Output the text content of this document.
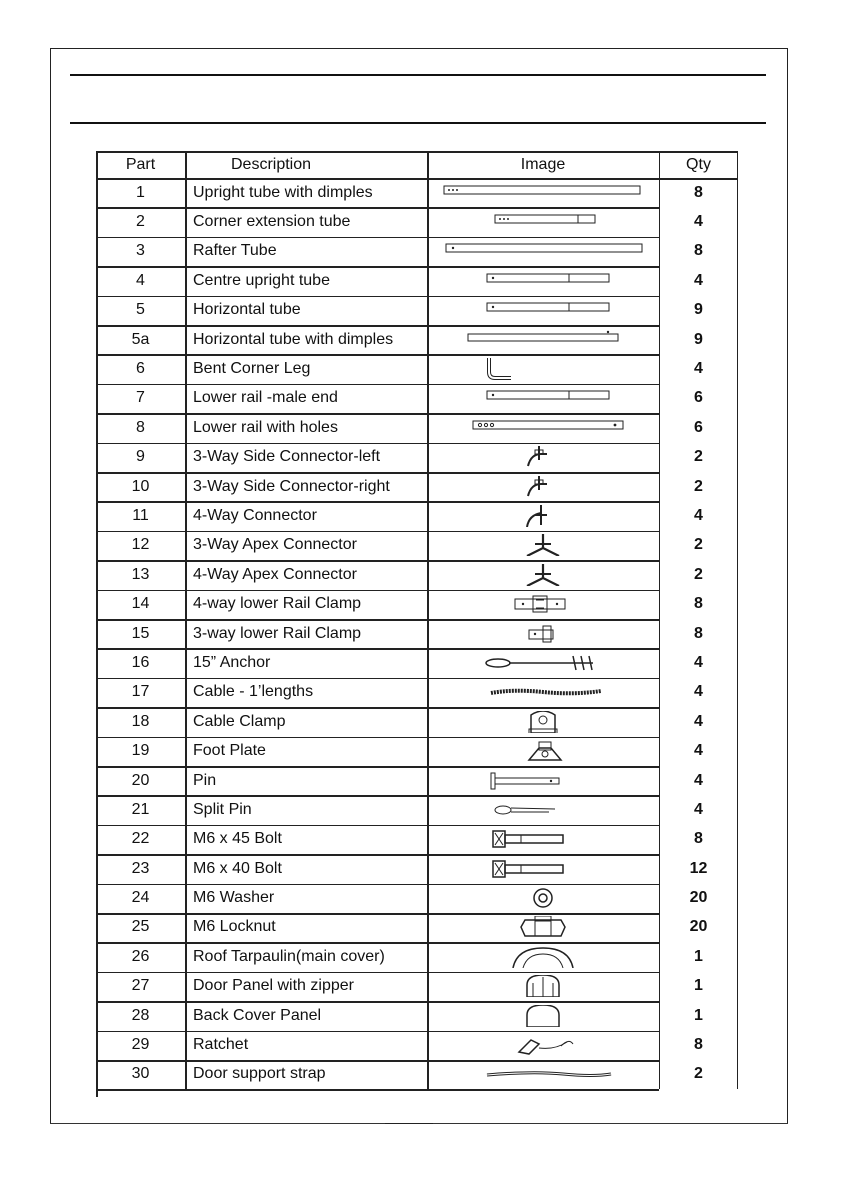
Part	Description	Image	Qty
1	Upright tube with dimples	8
2	Corner extension tube	4
3	Rafter Tube	8
4	Centre upright tube	4
5	Horizontal tube	9
5a	Horizontal tube with dimples	9
6	Bent Corner Leg	4
7	Lower rail -male end	6
8	Lower rail with holes	6
9	3-Way Side Connector-left	2
10	3-Way Side Connector-right	2
11	4-Way Connector	4
12	3-Way Apex Connector	2
13	4-Way Apex Connector	2
14	4-way lower Rail Clamp	8
15	3-way lower Rail Clamp	8
16	15” Anchor	4
17	Cable - 1’lengths	4
18	Cable Clamp	4
19	Foot Plate	4
20	Pin	4
21	Split Pin	4
22	M6 x 45 Bolt	8
23	M6 x 40 Bolt	12
24	M6 Washer	20
25	M6 Locknut	20
26	Roof Tarpaulin(main cover)	1
27	Door Panel with zipper	1
28	Back Cover Panel	1
29	Ratchet	8
30	Door support strap	2
